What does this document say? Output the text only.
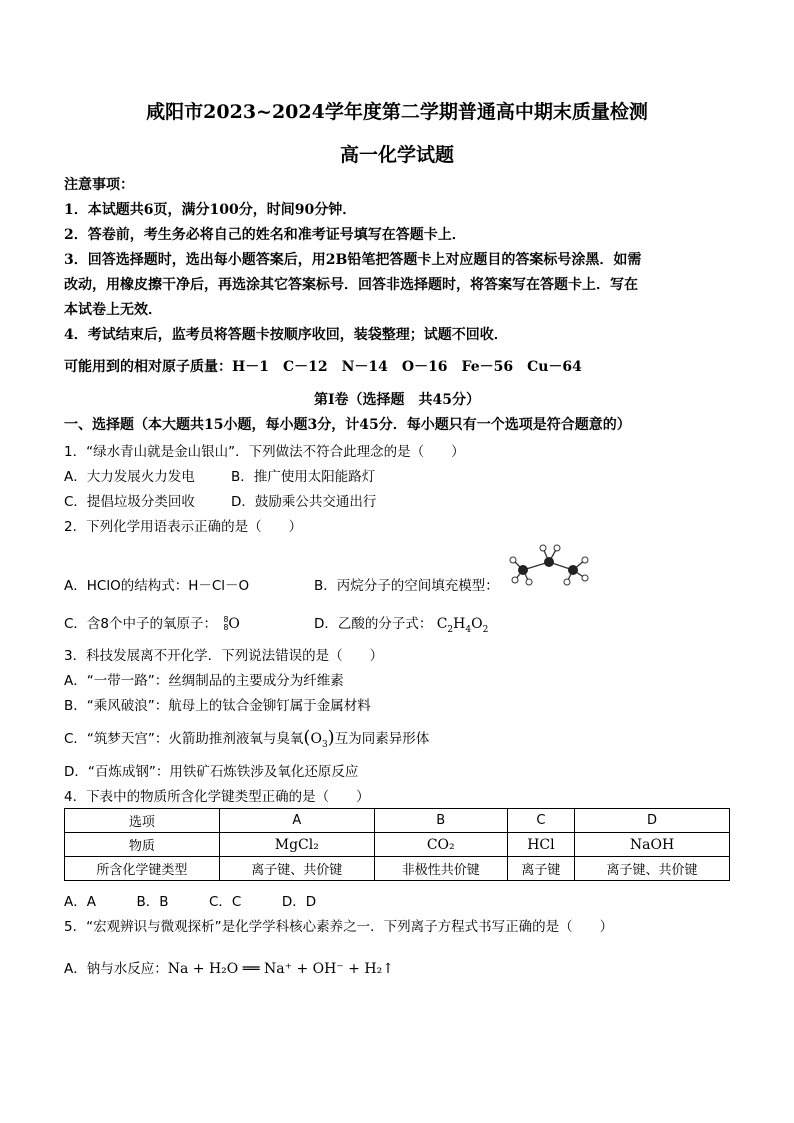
咸阳市2023~2024学年度第二学期普通高中期末质量检测
高一化学试题
注意事项：
1．本试题共6页，满分100分，时间90分钟．
2．答卷前，考生务必将自己的姓名和准考证号填写在答题卡上．
3．回答选择题时，选出每小题答案后，用2B铅笔把答题卡上对应题目的答案标号涂黑．如需
改动，用橡皮擦干净后，再选涂其它答案标号．回答非选择题时，将答案写在答题卡上．写在
本试卷上无效．
4．考试结束后，监考员将答题卡按顺序收回，装袋整理；试题不回收．
可能用到的相对原子质量：H－1　C－12　N－14　O－16　Fe－56　Cu－64
第Ⅰ卷（选择题　共45分）
一、选择题（本大题共15小题，每小题3分，计45分．每小题只有一个选项是符合题意的）
1．“绿水青山就是金山银山”．下列做法不符合此理念的是（　　）
A．大力发展火力发电	B．推广使用太阳能路灯
C．提倡垃圾分类回收	D．鼓励乘公共交通出行
2．下列化学用语表示正确的是（　　）
A．HClO的结构式：H－Cl－O	B．丙烷分子的空间填充模型：
C．含8个中子的氧原子： 8
8O	D．乙酸的分子式： $C_2H_4O_2$
3．科技发展离不开化学．下列说法错误的是（　　）
A．“一带一路”：丝绸制品的主要成分为纤维素
B．“乘风破浪”：航母上的钛合金铆钉属于金属材料
C．“筑梦天宫”：火箭助推剂液氧与臭氧$(O_3)$互为同素异形体
D．“百炼成钢”：用铁矿石炼铁涉及氧化还原反应
4．下表中的物质所含化学键类型正确的是（　　）
选项	A	B	C	D
物质	MgCl₂	CO₂	HCl	NaOH
所含化学键类型	离子键、共价键	非极性共价键	离子键	离子键、共价键
A．A　　　B．B　　　C．C　　　D．D
5．“宏观辨识与微观探析”是化学学科核心素养之一．下列离子方程式书写正确的是（　　）
A．钠与水反应：Na + H₂O ══ Na⁺ + OH⁻ + H₂↑
